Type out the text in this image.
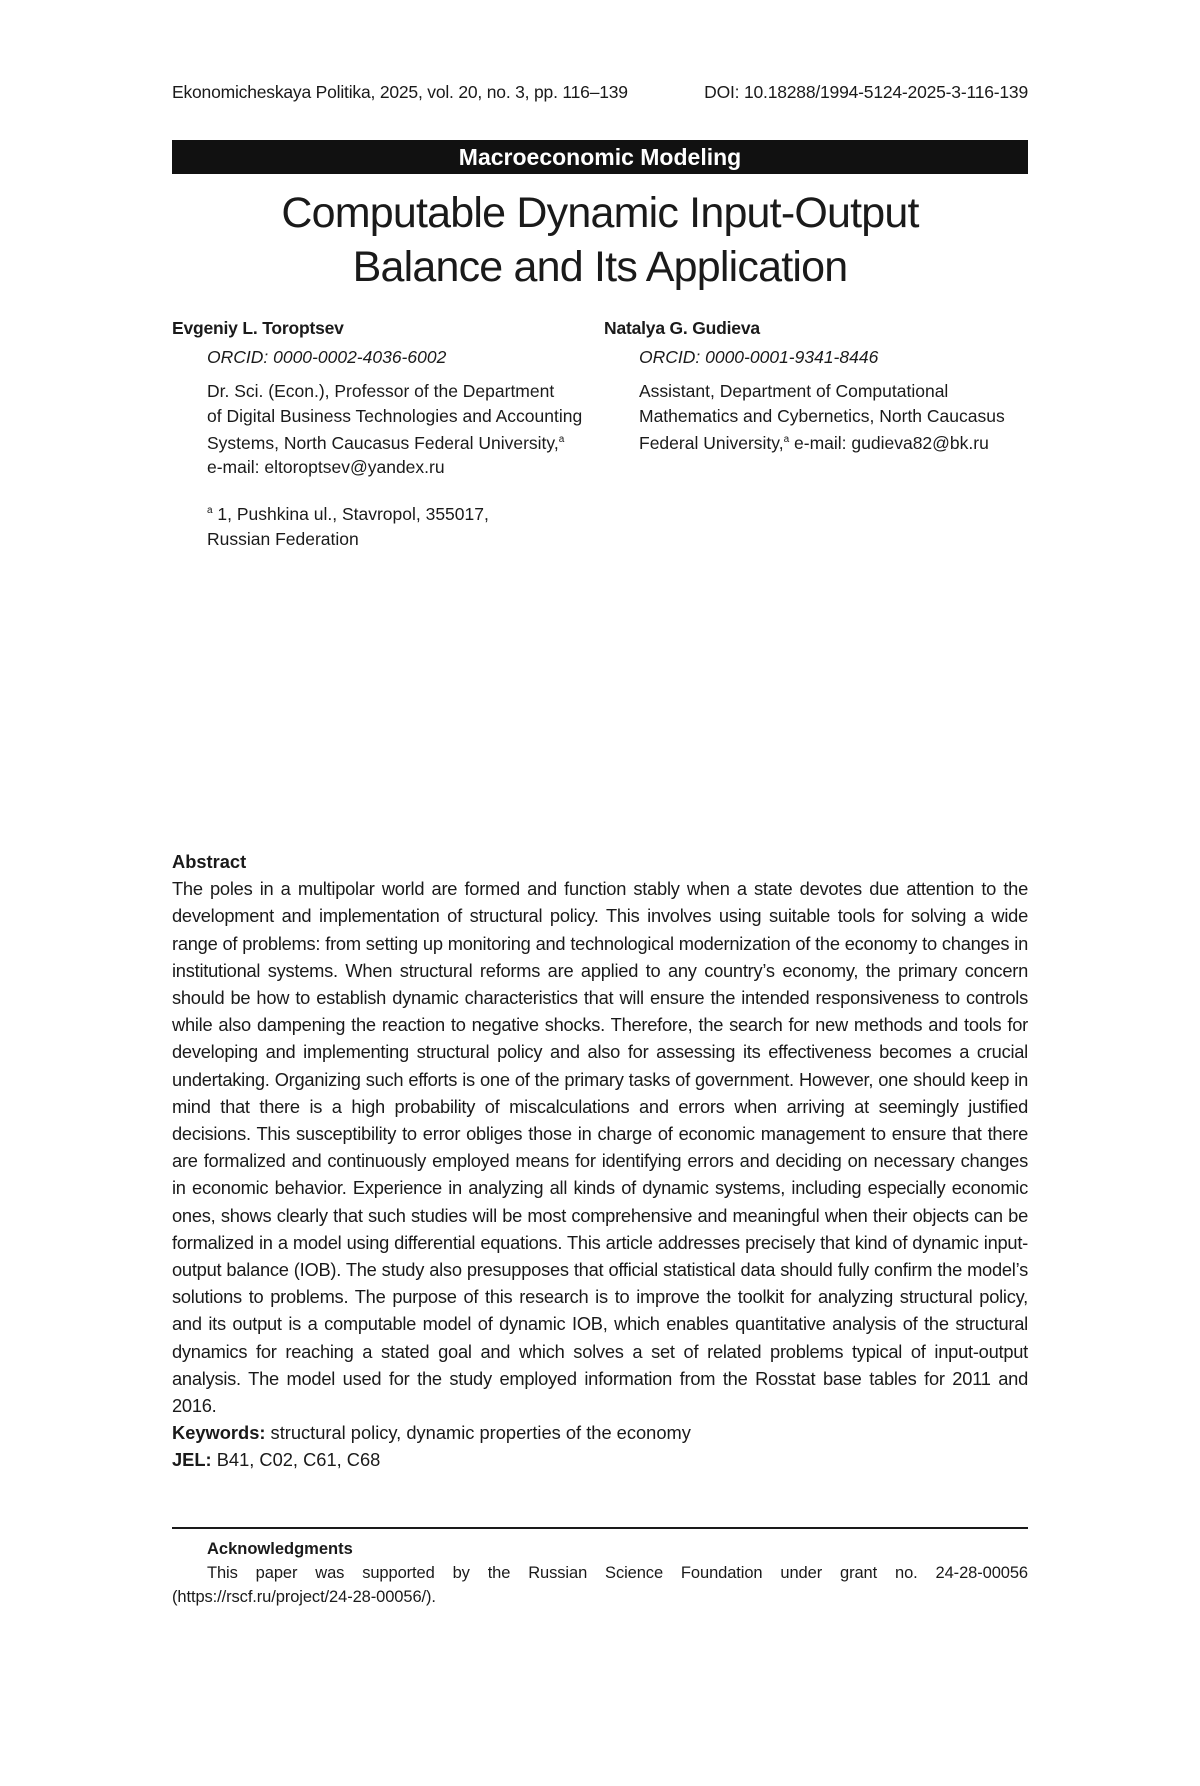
Ekonomicheskaya Politika, 2025, vol. 20, no. 3, pp. 116–139	DOI: 10.18288/1994-5124-2025-3-116-139
Macroeconomic Modeling
Computable Dynamic Input-Output
Balance and Its Application
Evgeniy L. Toroptsev
ORCID: 0000-0002-4036-6002
Dr. Sci. (Econ.), Professor of the Department
of Digital Business Technologies and Accounting
Systems, North Caucasus Federal University,a
e-mail: eltoroptsev@yandex.ru
Natalya G. Gudieva
ORCID: 0000-0001-9341-8446
Assistant, Department of Computational
Mathematics and Cybernetics, North Caucasus
Federal University,a e-mail: gudieva82@bk.ru
a 1, Pushkina ul., Stavropol, 355017,
Russian Federation
Abstract
The poles in a multipolar world are formed and function stably when a state devotes due attention to the development and implementation of structural policy. This involves using suitable tools for solving a wide range of problems: from setting up monitoring and technological modernization of the economy to changes in institutional systems. When structural reforms are applied to any country’s economy, the primary concern should be how to establish dynamic characteristics that will ensure the intended responsiveness to controls while also dampening the reaction to negative shocks. Therefore, the search for new methods and tools for developing and implementing structural policy and also for assessing its effectiveness becomes a crucial undertaking. Organizing such efforts is one of the primary tasks of government. However, one should keep in mind that there is a high probability of miscalculations and errors when arriving at seemingly justified decisions. This susceptibility to error obliges those in charge of economic management to ensure that there are formalized and continuously employed means for identifying errors and deciding on necessary changes in economic behavior. Experience in analyzing all kinds of dynamic systems, including especially economic ones, shows clearly that such studies will be most comprehensive and meaningful when their objects can be formalized in a model using differential equations. This article addresses precisely that kind of dynamic input-output balance (IOB). The study also presupposes that official statistical data should fully confirm the model’s solutions to problems. The purpose of this research is to improve the toolkit for analyzing structural policy, and its output is a computable model of dynamic IOB, which enables quantitative analysis of the structural dynamics for reaching a stated goal and which solves a set of related problems typical of input-output analysis. The model used for the study employed information from the Rosstat base tables for 2011 and 2016.
Keywords: structural policy, dynamic properties of the economy
JEL: B41, C02, C61, C68
Acknowledgments
This paper was supported by the Russian Science Foundation under grant no. 24-28-00056 (https://rscf.ru/project/24-28-00056/).
